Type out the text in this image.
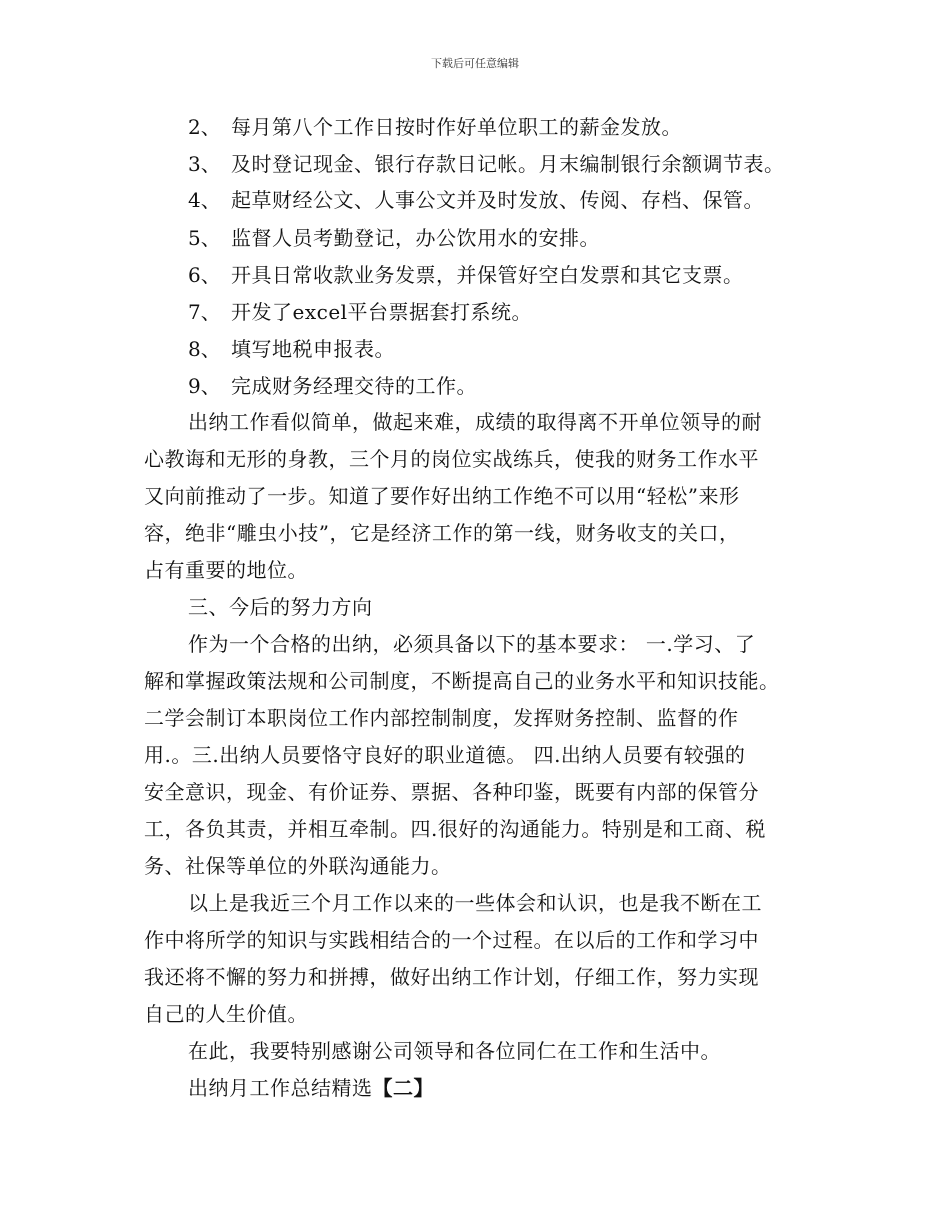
下载后可任意编辑
2、 每月第八个工作日按时作好单位职工的薪金发放。
3、 及时登记现金、银行存款日记帐。月末编制银行余额调节表。
4、 起草财经公文、人事公文并及时发放、传阅、存档、保管。
5、 监督人员考勤登记，办公饮用水的安排。
6、 开具日常收款业务发票，并保管好空白发票和其它支票。
7、 开发了excel平台票据套打系统。
8、 填写地税申报表。
9、 完成财务经理交待的工作。
出纳工作看似简单，做起来难，成绩的取得离不开单位领导的耐
心教诲和无形的身教，三个月的岗位实战练兵，使我的财务工作水平
又向前推动了一步。知道了要作好出纳工作绝不可以用“轻松”来形
容，绝非“雕虫小技”，它是经济工作的第一线，财务收支的关口，
占有重要的地位。
三、今后的努力方向
作为一个合格的出纳，必须具备以下的基本要求： 一.学习、了
解和掌握政策法规和公司制度，不断提高自己的业务水平和知识技能。
二学会制订本职岗位工作内部控制制度，发挥财务控制、监督的作
用.。三.出纳人员要恪守良好的职业道德。 四.出纳人员要有较强的
安全意识，现金、有价证券、票据、各种印鉴，既要有内部的保管分
工，各负其责，并相互牵制。四.很好的沟通能力。特别是和工商、税
务、社保等单位的外联沟通能力。
以上是我近三个月工作以来的一些体会和认识，也是我不断在工
作中将所学的知识与实践相结合的一个过程。在以后的工作和学习中
我还将不懈的努力和拼搏，做好出纳工作计划，仔细工作，努力实现
自己的人生价值。
在此，我要特别感谢公司领导和各位同仁在工作和生活中。
出纳月工作总结精选【二】
